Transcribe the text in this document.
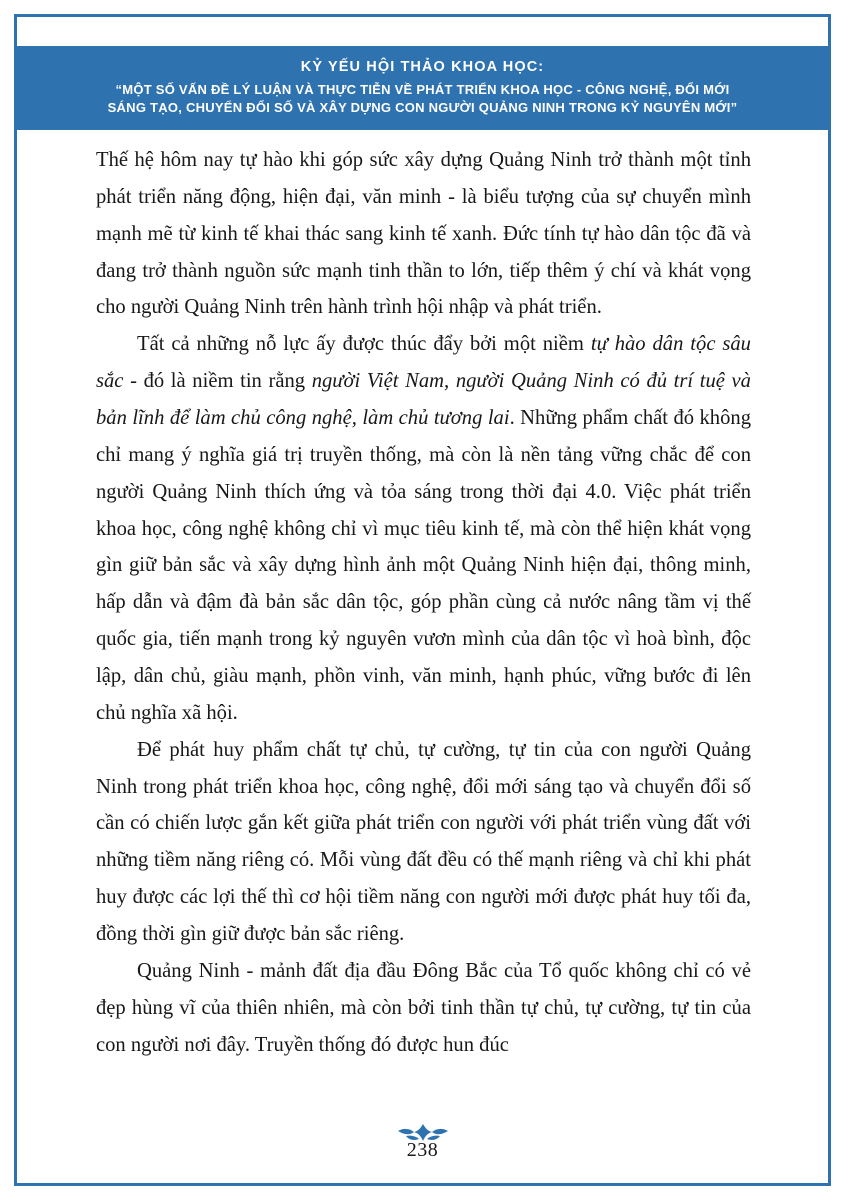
KỶ YẾU HỘI THẢO KHOA HỌC:
“MỘT SỐ VẤN ĐỀ LÝ LUẬN VÀ THỰC TIỄN VỀ PHÁT TRIỂN KHOA HỌC - CÔNG NGHỆ, ĐỔI MỚI
SÁNG TẠO, CHUYỂN ĐỔI SỐ VÀ XÂY DỰNG CON NGƯỜI QUẢNG NINH TRONG KỶ NGUYÊN MỚI”

Thế hệ hôm nay tự hào khi góp sức xây dựng Quảng Ninh trở thành một tỉnh phát triển năng động, hiện đại, văn minh - là biểu tượng của sự chuyển mình mạnh mẽ từ kinh tế khai thác sang kinh tế xanh. Đức tính tự hào dân tộc đã và đang trở thành nguồn sức mạnh tinh thần to lớn, tiếp thêm ý chí và khát vọng cho người Quảng Ninh trên hành trình hội nhập và phát triển.

Tất cả những nỗ lực ấy được thúc đẩy bởi một niềm tự hào dân tộc sâu sắc - đó là niềm tin rằng người Việt Nam, người Quảng Ninh có đủ trí tuệ và bản lĩnh để làm chủ công nghệ, làm chủ tương lai. Những phẩm chất đó không chỉ mang ý nghĩa giá trị truyền thống, mà còn là nền tảng vững chắc để con người Quảng Ninh thích ứng và tỏa sáng trong thời đại 4.0. Việc phát triển khoa học, công nghệ không chỉ vì mục tiêu kinh tế, mà còn thể hiện khát vọng gìn giữ bản sắc và xây dựng hình ảnh một Quảng Ninh hiện đại, thông minh, hấp dẫn và đậm đà bản sắc dân tộc, góp phần cùng cả nước nâng tầm vị thế quốc gia, tiến mạnh trong kỷ nguyên vươn mình của dân tộc vì hoà bình, độc lập, dân chủ, giàu mạnh, phồn vinh, văn minh, hạnh phúc, vững bước đi lên chủ nghĩa xã hội.

Để phát huy phẩm chất tự chủ, tự cường, tự tin của con người Quảng Ninh trong phát triển khoa học, công nghệ, đổi mới sáng tạo và chuyển đổi số cần có chiến lược gắn kết giữa phát triển con người với phát triển vùng đất với những tiềm năng riêng có. Mỗi vùng đất đều có thế mạnh riêng và chỉ khi phát huy được các lợi thế thì cơ hội tiềm năng con người mới được phát huy tối đa, đồng thời gìn giữ được bản sắc riêng.

Quảng Ninh - mảnh đất địa đầu Đông Bắc của Tổ quốc không chỉ có vẻ đẹp hùng vĩ của thiên nhiên, mà còn bởi tinh thần tự chủ, tự cường, tự tin của con người nơi đây. Truyền thống đó được hun đúc

238
